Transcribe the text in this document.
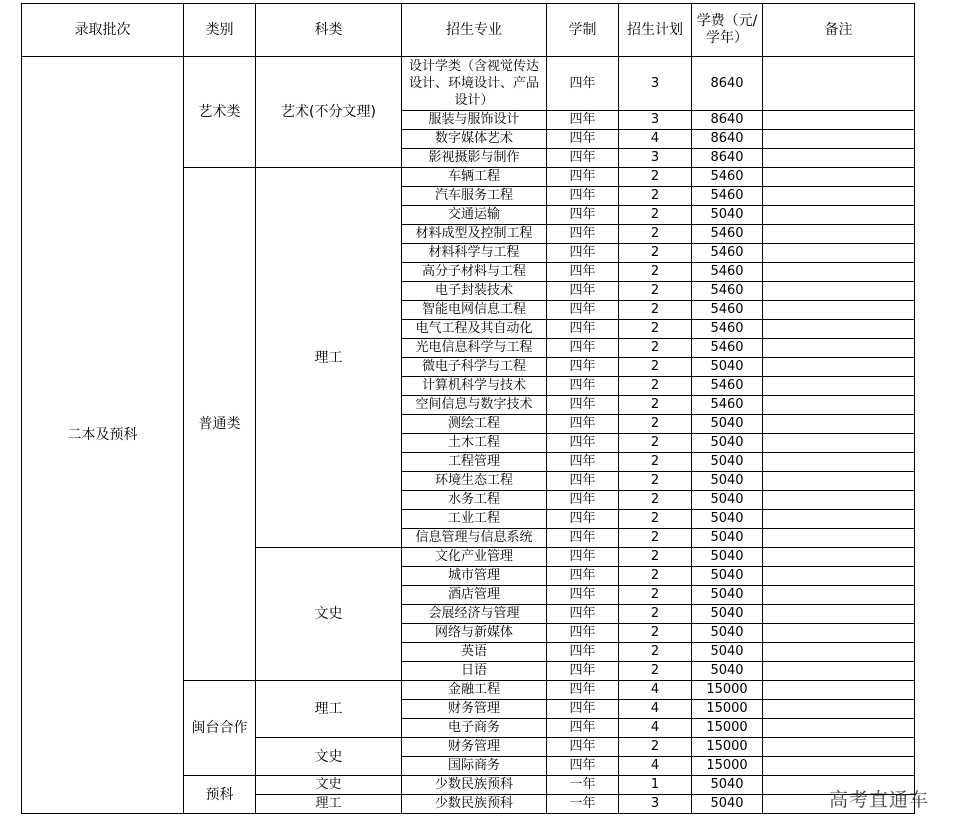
录取批次	类别	科类	招生专业	学制	招生计划	学费（元/学年）	备注
二本及预科	艺术类	艺术(不分文理)	设计学类（含视觉传达设计、环境设计、产品设计）	四年	3	8640	
			服装与服饰设计	四年	3	8640	
			数字媒体艺术	四年	4	8640	
			影视摄影与制作	四年	3	8640	
	普通类	理工	车辆工程	四年	2	5460	
			汽车服务工程	四年	2	5460	
			交通运输	四年	2	5040	
			材料成型及控制工程	四年	2	5460	
			材料科学与工程	四年	2	5460	
			高分子材料与工程	四年	2	5460	
			电子封装技术	四年	2	5460	
			智能电网信息工程	四年	2	5460	
			电气工程及其自动化	四年	2	5460	
			光电信息科学与工程	四年	2	5460	
			微电子科学与工程	四年	2	5040	
			计算机科学与技术	四年	2	5460	
			空间信息与数字技术	四年	2	5460	
			测绘工程	四年	2	5040	
			土木工程	四年	2	5040	
			工程管理	四年	2	5040	
			环境生态工程	四年	2	5040	
			水务工程	四年	2	5040	
			工业工程	四年	2	5040	
			信息管理与信息系统	四年	2	5040	
		文史	文化产业管理	四年	2	5040	
			城市管理	四年	2	5040	
			酒店管理	四年	2	5040	
			会展经济与管理	四年	2	5040	
			网络与新媒体	四年	2	5040	
			英语	四年	2	5040	
			日语	四年	2	5040	
	闽台合作	理工	金融工程	四年	4	15000	
			财务管理	四年	4	15000	
			电子商务	四年	4	15000	
		文史	财务管理	四年	2	15000	
			国际商务	四年	4	15000	
	预科	文史	少数民族预科	一年	1	5040	
		理工	少数民族预科	一年	3	5040		高考直通车
